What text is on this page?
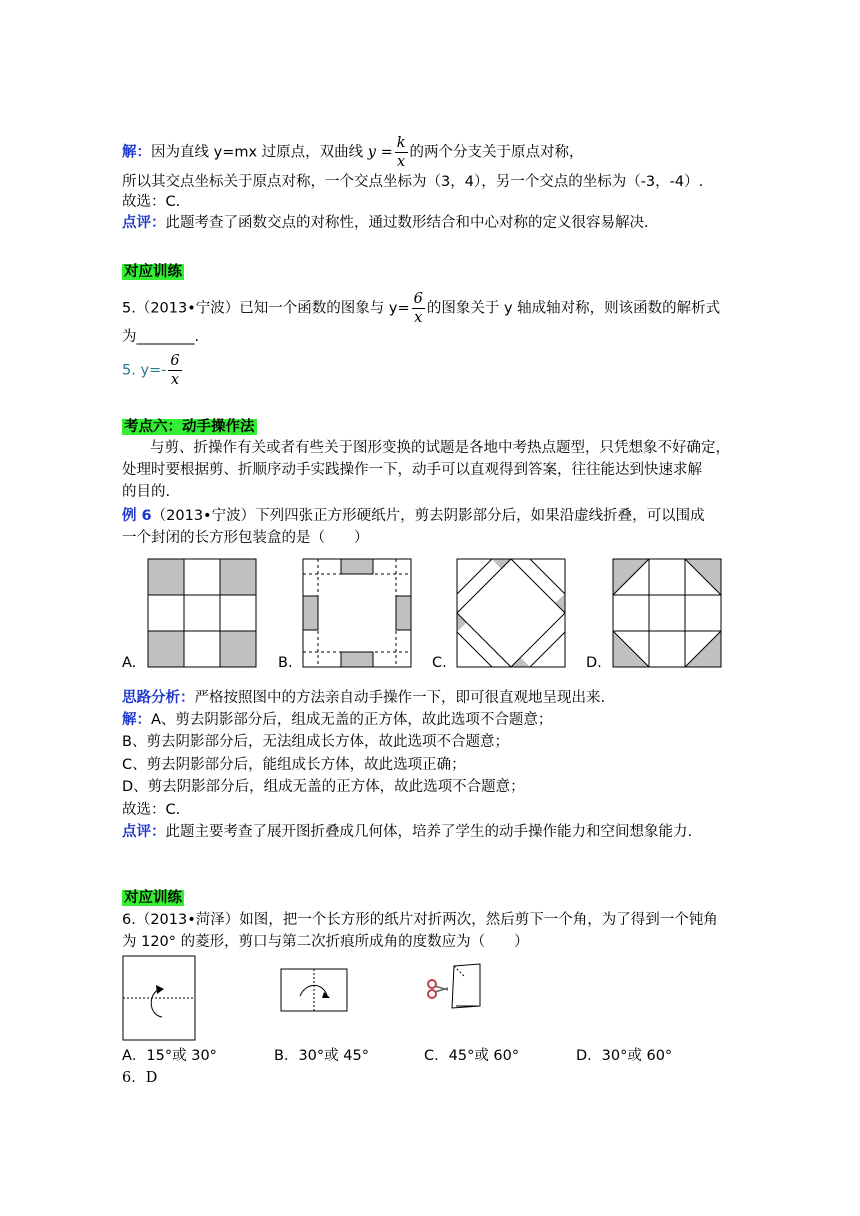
解：因为直线 y=mx 过原点，双曲线 $y = \frac{k}{x}$ 的两个分支关于原点对称，
所以其交点坐标关于原点对称，一个交点坐标为（3，4），另一个交点的坐标为（-3，-4）.
故选：C.
点评：此题考查了函数交点的对称性，通过数形结合和中心对称的定义很容易解决.
对应训练
5.（2013•宁波）已知一个函数的图象与 $y= \frac{6}{x}$ 的图象关于 y 轴成轴对称，则该函数的解析式
为________.
5. $y=- \frac{6}{x}$
考点六：动手操作法
与剪、折操作有关或者有些关于图形变换的试题是各地中考热点题型，只凭想象不好确定，
处理时要根据剪、折顺序动手实践操作一下，动手可以直观得到答案，往往能达到快速求解
的目的.
例 6（2013•宁波）下列四张正方形硬纸片，剪去阴影部分后，如果沿虚线折叠，可以围成
一个封闭的长方形包装盒的是（　　）
A.	B.	C.	D.
思路分析：严格按照图中的方法亲自动手操作一下，即可很直观地呈现出来.
解：A、剪去阴影部分后，组成无盖的正方体，故此选项不合题意；
B、剪去阴影部分后，无法组成长方体，故此选项不合题意；
C、剪去阴影部分后，能组成长方体，故此选项正确；
D、剪去阴影部分后，组成无盖的正方体，故此选项不合题意；
故选：C.
点评：此题主要考查了展开图折叠成几何体，培养了学生的动手操作能力和空间想象能力.
对应训练
6.（2013•菏泽）如图，把一个长方形的纸片对折两次，然后剪下一个角，为了得到一个钝角
为 120° 的菱形，剪口与第二次折痕所成角的度数应为（　　）
A．15°或 30°	B．30°或 45°	C．45°或 60°	D．30°或 60°
6．D
